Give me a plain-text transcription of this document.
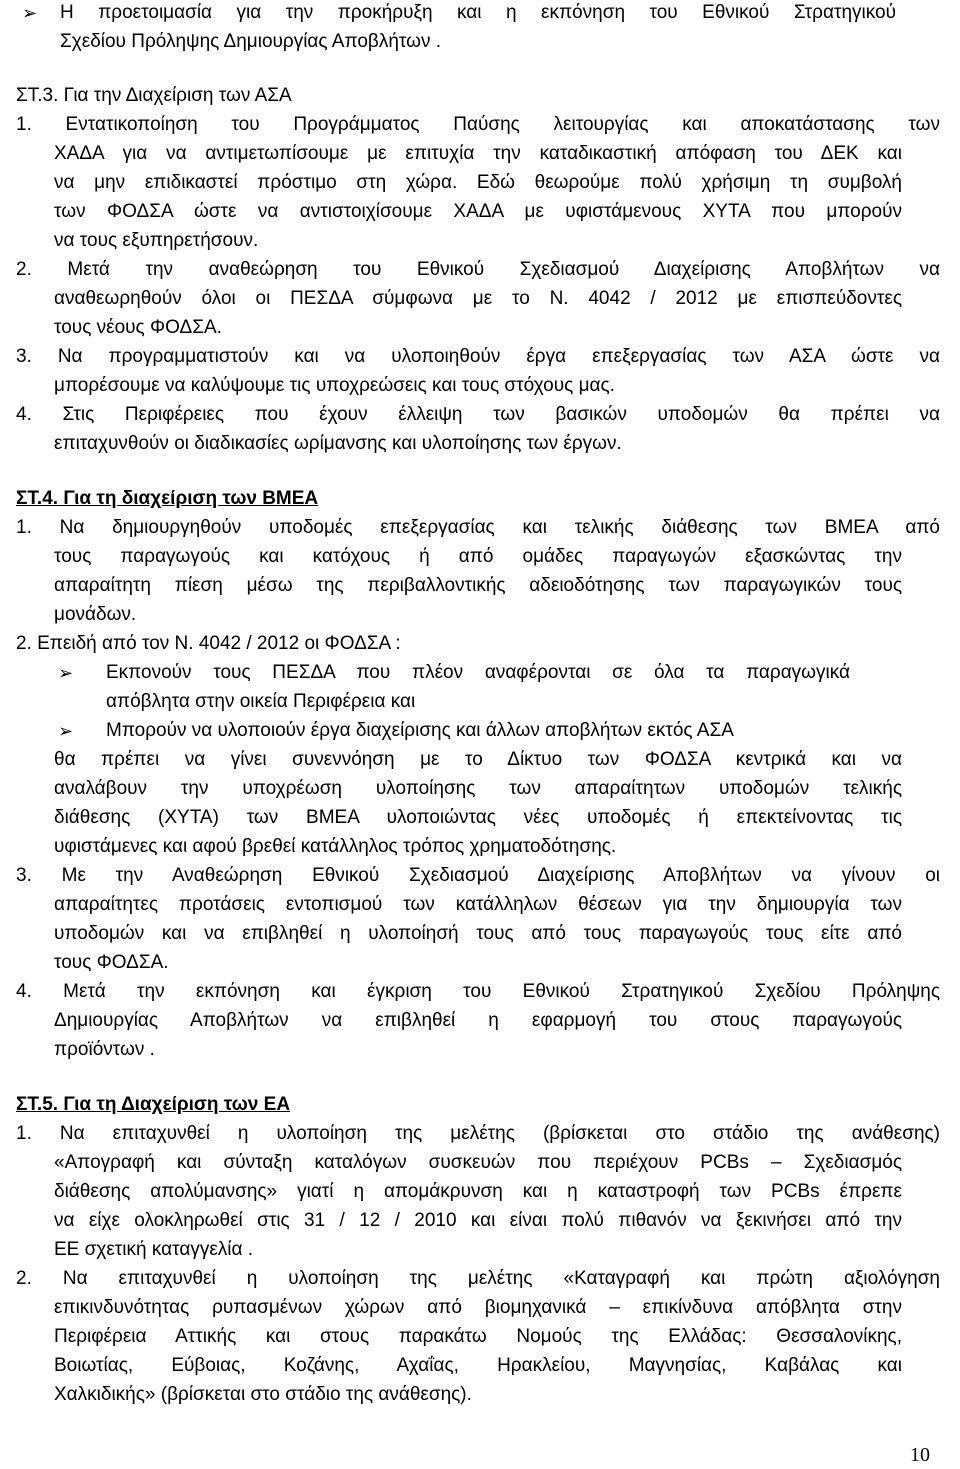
➢ Η προετοιμασία για την προκήρυξη και η εκπόνηση του Εθνικού Στρατηγικού
Σχεδίου Πρόληψης Δημιουργίας Αποβλήτων .
ΣΤ.3. Για την Διαχείριση των ΑΣΑ
1. Εντατικοποίηση του Προγράμματος Παύσης λειτουργίας και αποκατάστασης των
ΧΑΔΑ για να αντιμετωπίσουμε με επιτυχία την καταδικαστική απόφαση του ΔΕΚ και
να μην επιδικαστεί πρόστιμο στη χώρα. Εδώ θεωρούμε πολύ χρήσιμη τη συμβολή
των ΦΟΔΣΑ ώστε να αντιστοιχίσουμε ΧΑΔΑ με υφιστάμενους ΧΥΤΑ που μπορούν
να τους εξυπηρετήσουν.
2. Μετά την αναθεώρηση του Εθνικού Σχεδιασμού Διαχείρισης Αποβλήτων να
αναθεωρηθούν όλοι οι ΠΕΣΔΑ σύμφωνα με το Ν. 4042 / 2012 με επισπεύδοντες
τους νέους ΦΟΔΣΑ.
3. Να προγραμματιστούν και να υλοποιηθούν έργα επεξεργασίας των ΑΣΑ ώστε να
μπορέσουμε να καλύψουμε τις υποχρεώσεις και τους στόχους μας.
4. Στις Περιφέρειες που έχουν έλλειψη των βασικών υποδομών θα πρέπει να
επιταχυνθούν οι διαδικασίες ωρίμανσης και υλοποίησης των έργων.
ΣΤ.4. Για τη διαχείριση των ΒΜΕΑ
1. Να δημιουργηθούν υποδομές επεξεργασίας και τελικής διάθεσης των ΒΜΕΑ από
τους παραγωγούς και κατόχους ή από ομάδες παραγωγών εξασκώντας την
απαραίτητη πίεση μέσω της περιβαλλοντικής αδειοδότησης των παραγωγικών τους
μονάδων.
2. Επειδή από τον Ν. 4042 / 2012 οι ΦΟΔΣΑ :
➢ Εκπονούν τους ΠΕΣΔΑ που πλέον αναφέρονται σε όλα τα παραγωγικά
απόβλητα στην οικεία Περιφέρεια και
➢ Μπορούν να υλοποιούν έργα διαχείρισης και άλλων αποβλήτων εκτός ΑΣΑ
θα πρέπει να γίνει συνεννόηση με το Δίκτυο των ΦΟΔΣΑ κεντρικά και να
αναλάβουν την υποχρέωση υλοποίησης των απαραίτητων υποδομών τελικής
διάθεσης (ΧΥΤΑ) των ΒΜΕΑ υλοποιώντας νέες υποδομές ή επεκτείνοντας τις
υφιστάμενες και αφού βρεθεί κατάλληλος τρόπος χρηματοδότησης.
3. Με την Αναθεώρηση Εθνικού Σχεδιασμού Διαχείρισης Αποβλήτων να γίνουν οι
απαραίτητες προτάσεις εντοπισμού των κατάλληλων θέσεων για την δημιουργία των
υποδομών και να επιβληθεί η υλοποίησή τους από τους παραγωγούς τους είτε από
τους ΦΟΔΣΑ.
4. Μετά την εκπόνηση και έγκριση του Εθνικού Στρατηγικού Σχεδίου Πρόληψης
Δημιουργίας Αποβλήτων να επιβληθεί η εφαρμογή του στους παραγωγούς
προϊόντων .
ΣΤ.5. Για τη Διαχείριση των ΕΑ
1. Να επιταχυνθεί η υλοποίηση της μελέτης (βρίσκεται στο στάδιο της ανάθεσης)
«Απογραφή και σύνταξη καταλόγων συσκευών που περιέχουν PCBs – Σχεδιασμός
διάθεσης απολύμανσης» γιατί η απομάκρυνση και η καταστροφή των PCBs έπρεπε
να είχε ολοκληρωθεί στις 31 / 12 / 2010 και είναι πολύ πιθανόν να ξεκινήσει από την
ΕΕ σχετική καταγγελία .
2. Να επιταχυνθεί η υλοποίηση της μελέτης «Καταγραφή και πρώτη αξιολόγηση
επικινδυνότητας ρυπασμένων χώρων από βιομηχανικά – επικίνδυνα απόβλητα στην
Περιφέρεια Αττικής και στους παρακάτω Νομούς της Ελλάδας: Θεσσαλονίκης,
Βοιωτίας, Εύβοιας, Κοζάνης, Αχαΐας, Ηρακλείου, Μαγνησίας, Καβάλας και
Χαλκιδικής» (βρίσκεται στο στάδιο της ανάθεσης).
10
